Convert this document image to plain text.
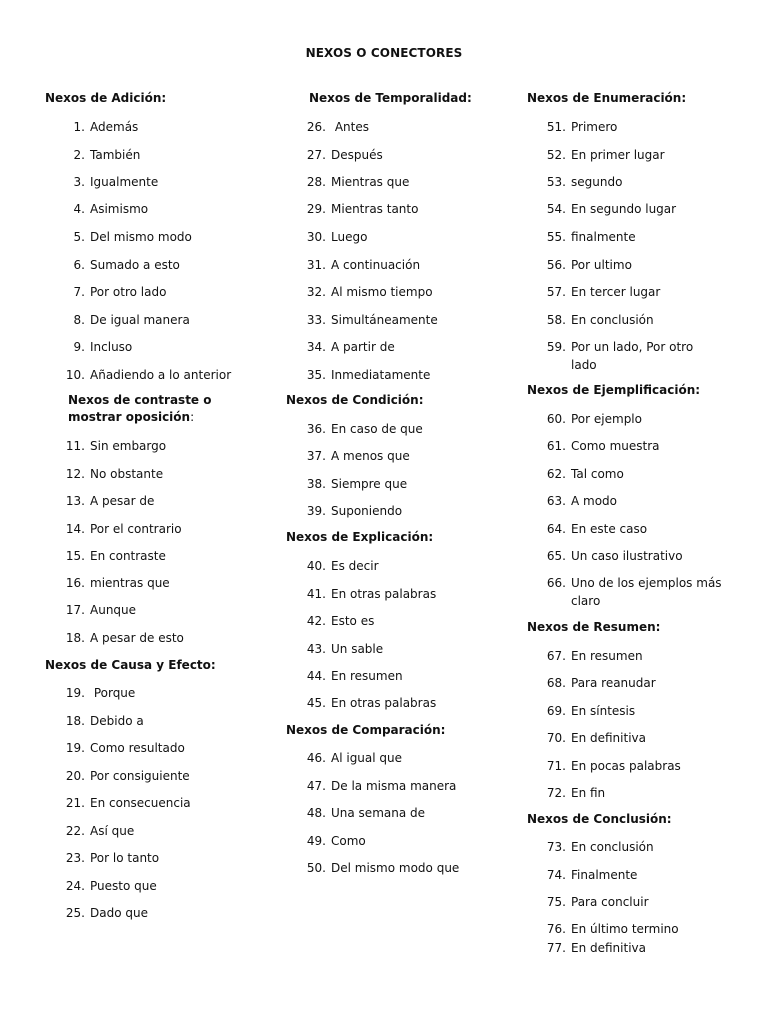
NEXOS O CONECTORES
Nexos de Adición:
1. Además
2. También
3. Igualmente
4. Asimismo
5. Del mismo modo
6. Sumado a esto
7. Por otro lado
8. De igual manera
9. Incluso
10. Añadiendo a lo anterior
Nexos de contraste o
mostrar oposición:
11. Sin embargo
12. No obstante
13. A pesar de
14. Por el contrario
15. En contraste
16. mientras que
17. Aunque
18. A pesar de esto
Nexos de Causa y Efecto:
19. Porque
18. Debido a
19. Como resultado
20. Por consiguiente
21. En consecuencia
22. Así que
23. Por lo tanto
24. Puesto que
25. Dado que
Nexos de Temporalidad:
26. Antes
27. Después
28. Mientras que
29. Mientras tanto
30. Luego
31. A continuación
32. Al mismo tiempo
33. Simultáneamente
34. A partir de
35. Inmediatamente
Nexos de Condición:
36. En caso de que
37. A menos que
38. Siempre que
39. Suponiendo
Nexos de Explicación:
40. Es decir
41. En otras palabras
42. Esto es
43. Un sable
44. En resumen
45. En otras palabras
Nexos de Comparación:
46. Al igual que
47. De la misma manera
48. Una semana de
49. Como
50. Del mismo modo que
Nexos de Enumeración:
51. Primero
52. En primer lugar
53. segundo
54. En segundo lugar
55. finalmente
56. Por ultimo
57. En tercer lugar
58. En conclusión
59. Por un lado, Por otro
lado
Nexos de Ejemplificación:
60. Por ejemplo
61. Como muestra
62. Tal como
63. A modo
64. En este caso
65. Un caso ilustrativo
66. Uno de los ejemplos más
claro
Nexos de Resumen:
67. En resumen
68. Para reanudar
69. En síntesis
70. En definitiva
71. En pocas palabras
72. En fin
Nexos de Conclusión:
73. En conclusión
74. Finalmente
75. Para concluir
76. En último termino
77. En definitiva
